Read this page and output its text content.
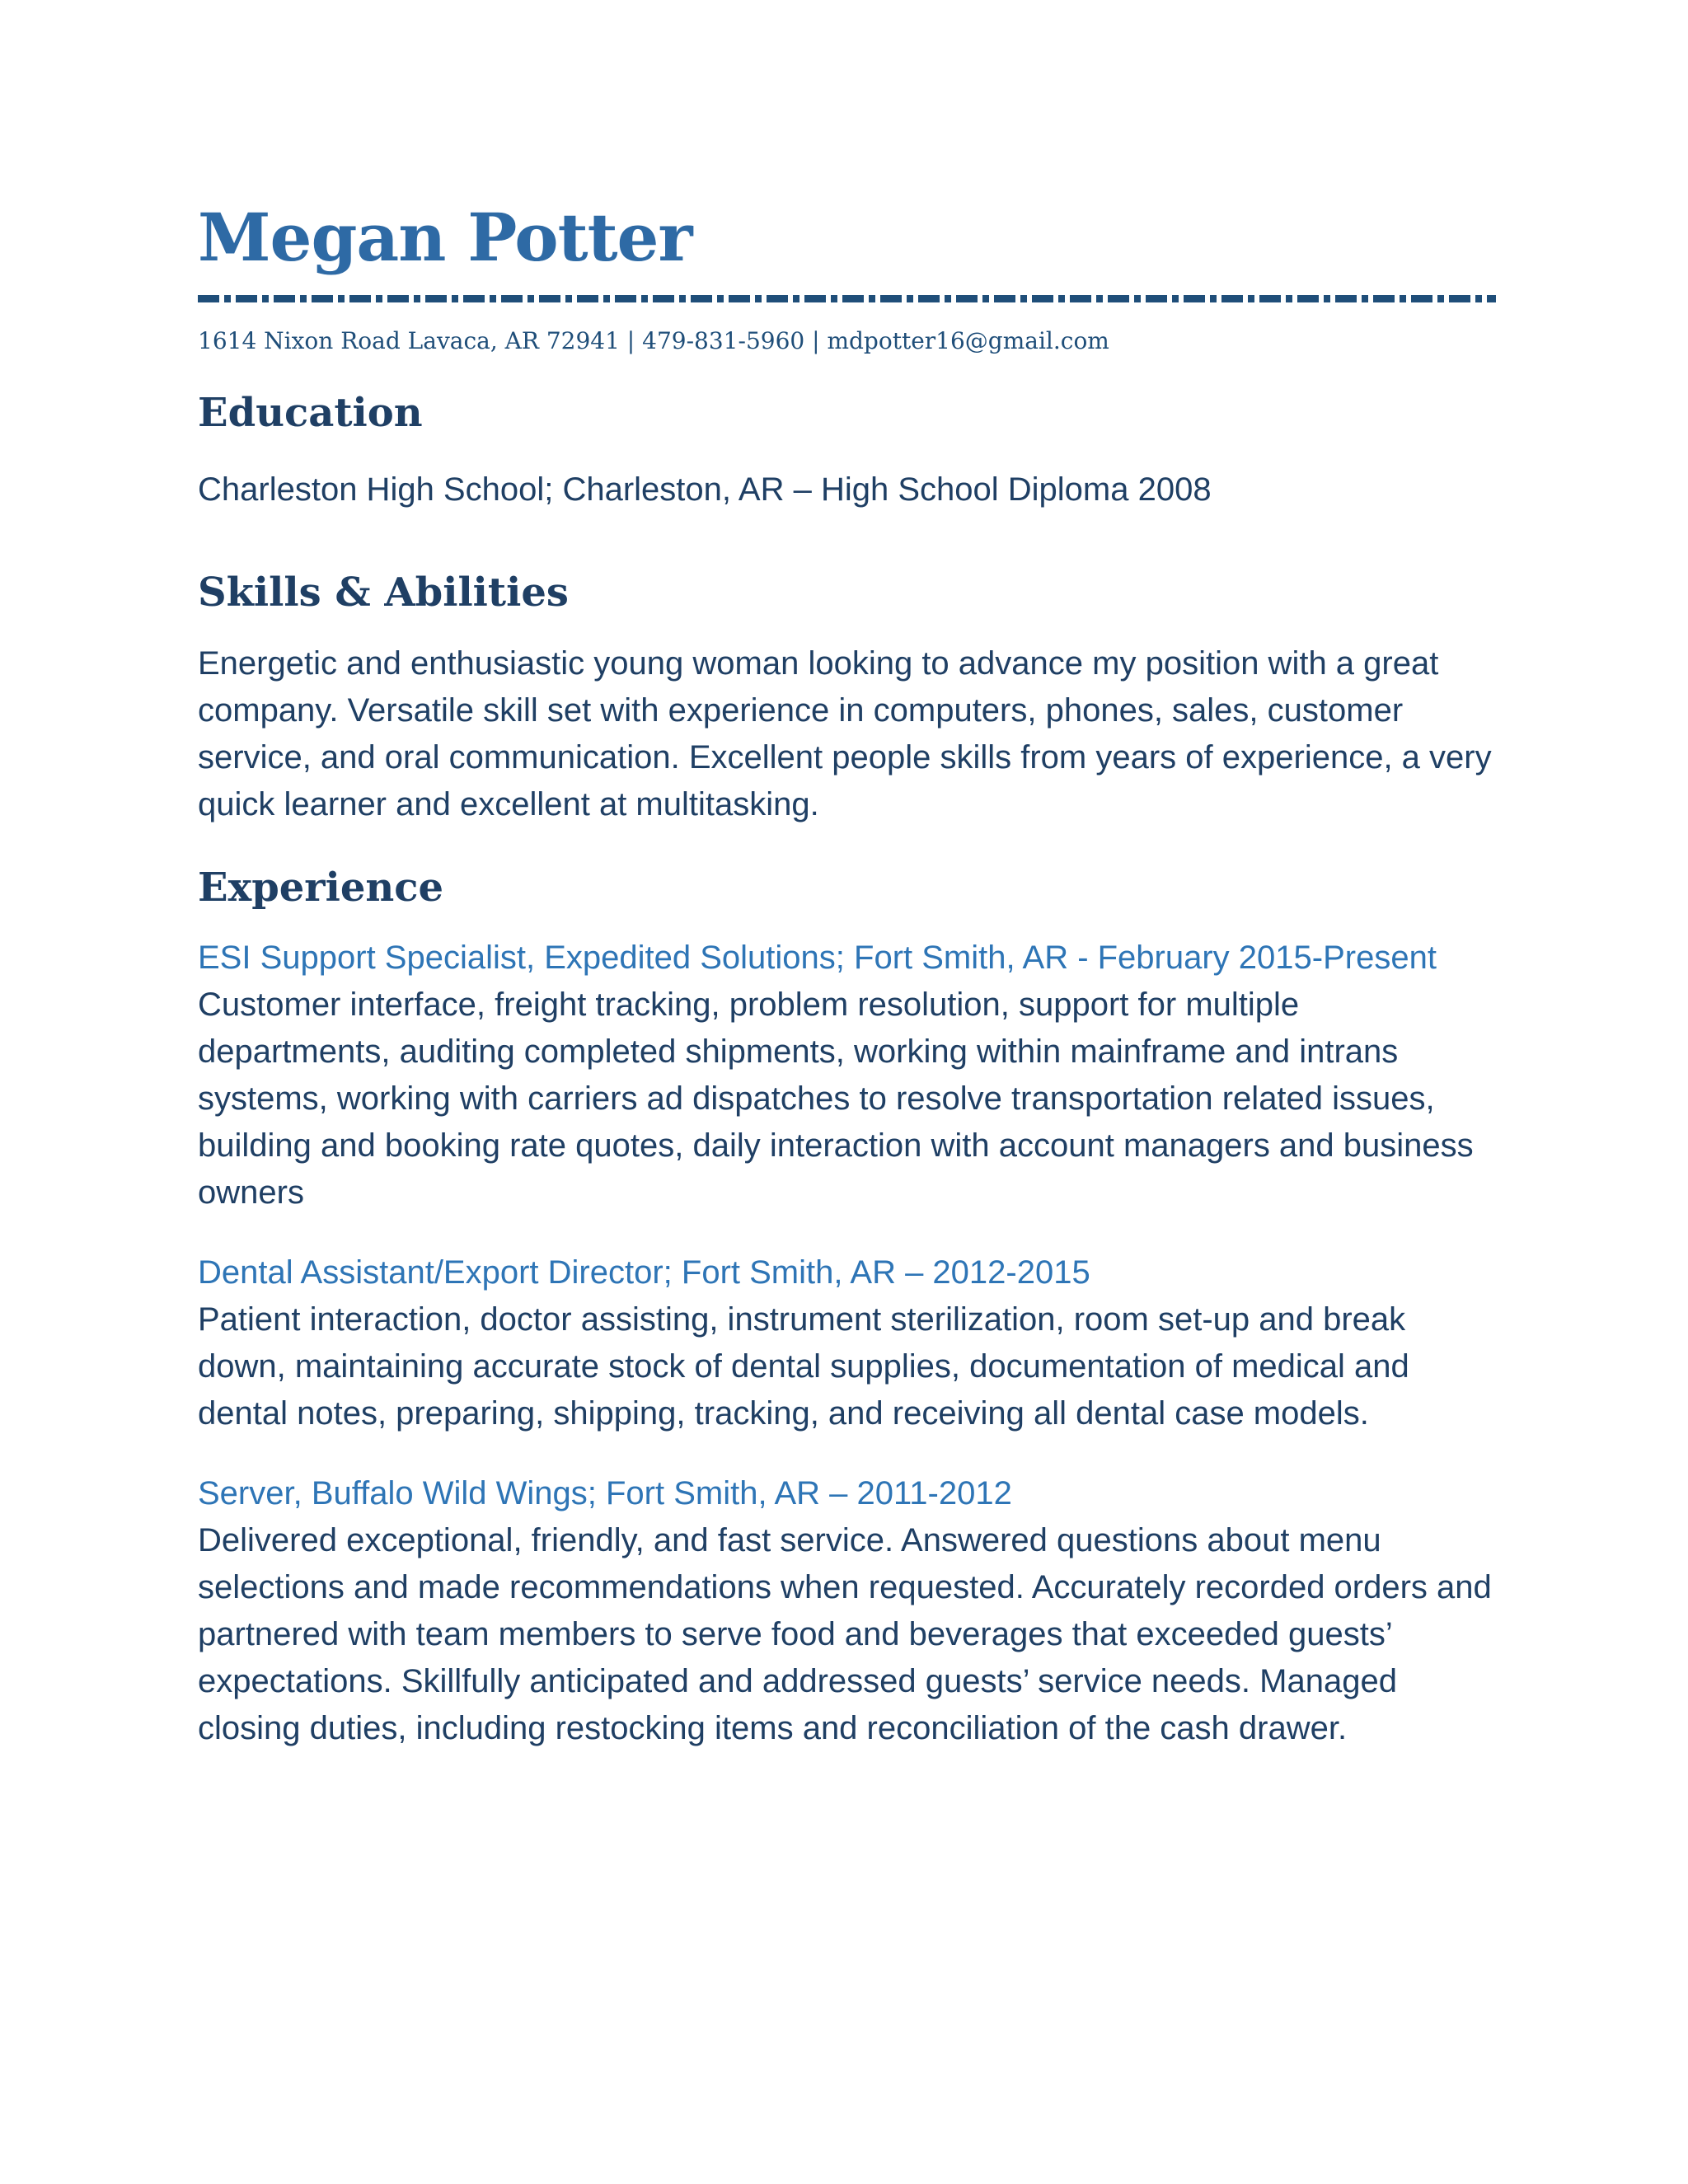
Megan Potter
1614 Nixon Road Lavaca, AR 72941 | 479-831-5960 | mdpotter16@gmail.com
Education

Charleston High School; Charleston, AR – High School Diploma 2008

Skills & Abilities

Energetic and enthusiastic young woman looking to advance my position with a great company. Versatile skill set with experience in computers, phones, sales, customer service, and oral communication. Excellent people skills from years of experience, a very quick learner and excellent at multitasking.

Experience

ESI Support Specialist, Expedited Solutions; Fort Smith, AR - February 2015-Present

Customer interface, freight tracking, problem resolution, support for multiple departments, auditing completed shipments, working within mainframe and intrans systems, working with carriers ad dispatches to resolve transportation related issues, building and booking rate quotes, daily interaction with account managers and business owners

Dental Assistant/Export Director; Fort Smith, AR – 2012-2015

Patient interaction, doctor assisting, instrument sterilization, room set-up and break down, maintaining accurate stock of dental supplies, documentation of medical and dental notes, preparing, shipping, tracking, and receiving all dental case models.

Server, Buffalo Wild Wings; Fort Smith, AR – 2011-2012

Delivered exceptional, friendly, and fast service. Answered questions about menu selections and made recommendations when requested. Accurately recorded orders and partnered with team members to serve food and beverages that exceeded guests’ expectations. Skillfully anticipated and addressed guests’ service needs. Managed closing duties, including restocking items and reconciliation of the cash drawer.
